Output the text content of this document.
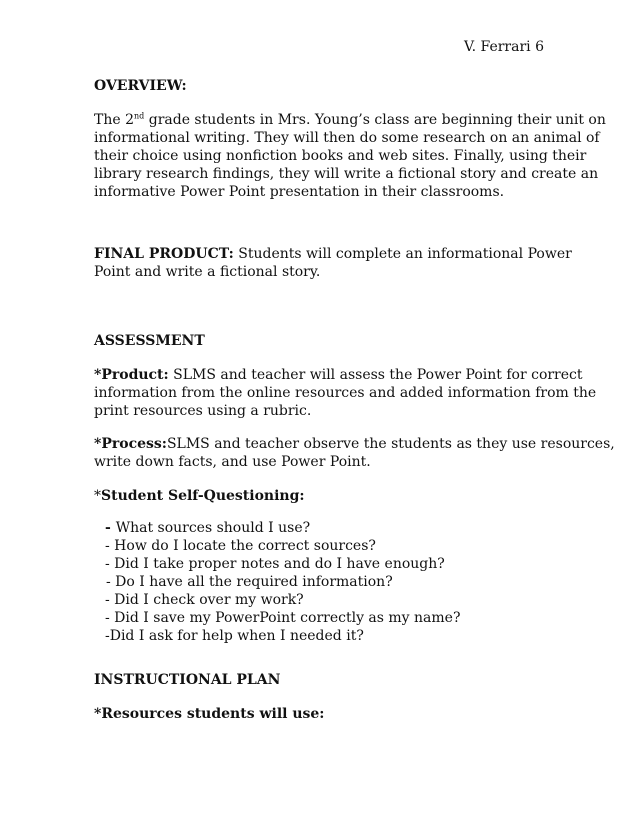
V. Ferrari 6

OVERVIEW:

The 2nd grade students in Mrs. Young’s class are beginning their unit on

informational writing. They will then do some research on an animal of

their choice using nonfiction books and web sites. Finally, using their

library research findings, they will write a fictional story and create an

informative Power Point presentation in their classrooms.

FINAL PRODUCT: Students will complete an informational Power

Point and write a fictional story.

ASSESSMENT

*Product: SLMS and teacher will assess the Power Point for correct

information from the online resources and added information from the

print resources using a rubric.

*Process:SLMS and teacher observe the students as they use resources,

write down facts, and use Power Point.

*Student Self-Questioning:

- What sources should I use?

- How do I locate the correct sources?

- Did I take proper notes and do I have enough?

- Do I have all the required information?

- Did I check over my work?

- Did I save my PowerPoint correctly as my name?

-Did I ask for help when I needed it?

INSTRUCTIONAL PLAN

*Resources students will use:
